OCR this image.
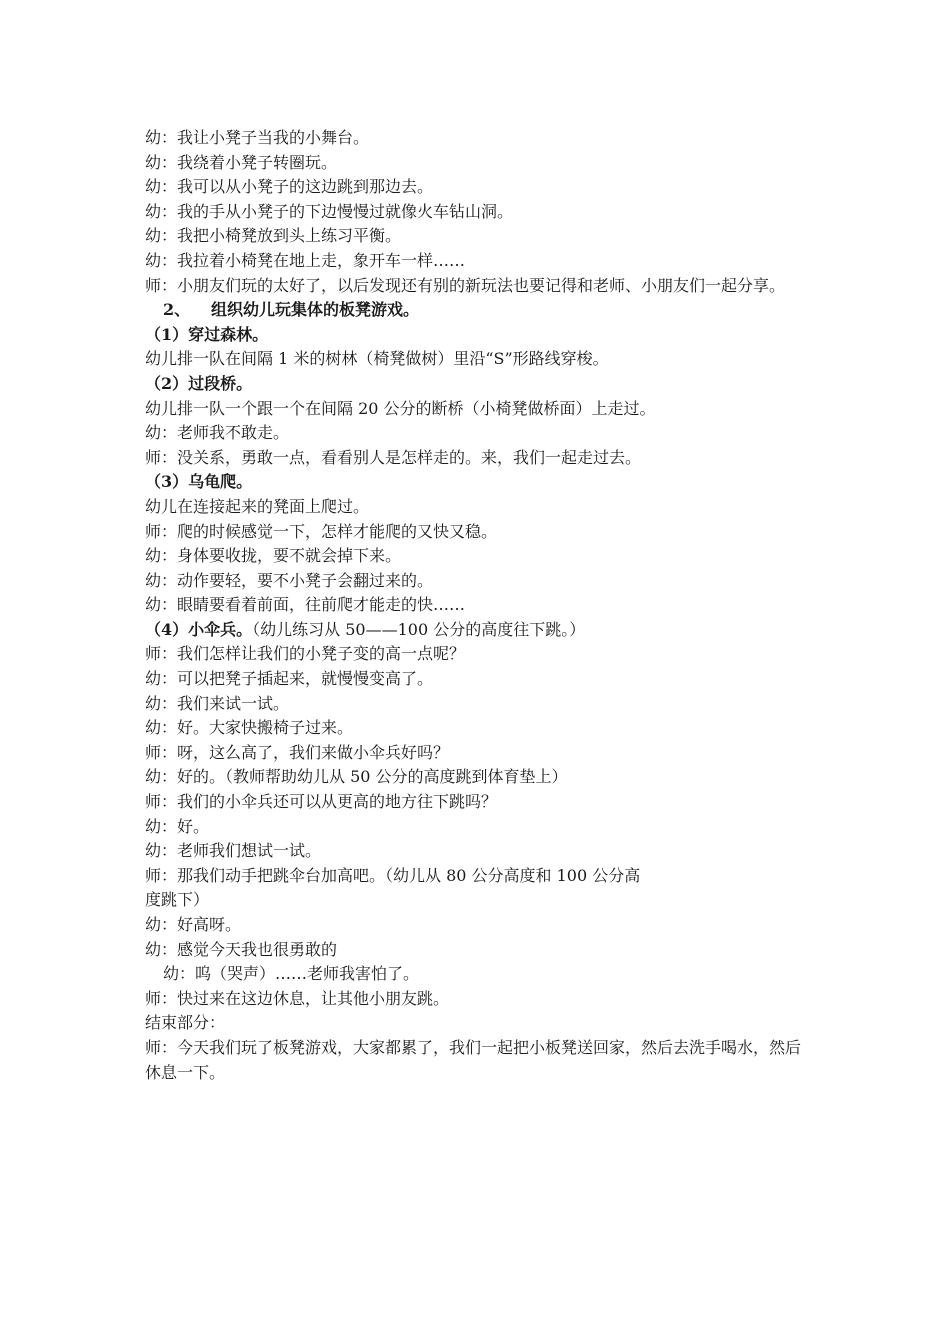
幼：我让小凳子当我的小舞台。

幼：我绕着小凳子转圈玩。

幼：我可以从小凳子的这边跳到那边去。

幼：我的手从小凳子的下边慢慢过就像火车钻山洞。

幼：我把小椅凳放到头上练习平衡。

幼：我拉着小椅凳在地上走，象开车一样……

师：小朋友们玩的太好了，以后发现还有别的新玩法也要记得和老师、小朋友们一起分享。

2、 组织幼儿玩集体的板凳游戏。

（1）穿过森林。

幼儿排一队在间隔 1 米的树林（椅凳做树）里沿“S”形路线穿梭。

（2）过段桥。

幼儿排一队一个跟一个在间隔 20 公分的断桥（小椅凳做桥面）上走过。

幼：老师我不敢走。

师：没关系，勇敢一点，看看别人是怎样走的。来，我们一起走过去。

（3）乌龟爬。

幼儿在连接起来的凳面上爬过。

师：爬的时候感觉一下，怎样才能爬的又快又稳。

幼：身体要收拢，要不就会掉下来。

幼：动作要轻，要不小凳子会翻过来的。

幼：眼睛要看着前面，往前爬才能走的快……

（4）小伞兵。（幼儿练习从 50——100 公分的高度往下跳。）

师：我们怎样让我们的小凳子变的高一点呢？

幼：可以把凳子插起来，就慢慢变高了。

幼：我们来试一试。

幼：好。大家快搬椅子过来。

师：呀，这么高了，我们来做小伞兵好吗？

幼：好的。（教师帮助幼儿从 50 公分的高度跳到体育垫上）

师：我们的小伞兵还可以从更高的地方往下跳吗？

幼：好。

幼：老师我们想试一试。

师：那我们动手把跳伞台加高吧。（幼儿从 80 公分高度和 100 公分高

度跳下）

幼：好高呀。

幼：感觉今天我也很勇敢的

幼：呜（哭声）……老师我害怕了。

师：快过来在这边休息，让其他小朋友跳。

结束部分：

师：今天我们玩了板凳游戏，大家都累了，我们一起把小板凳送回家，然后去洗手喝水，然后休息一下。
